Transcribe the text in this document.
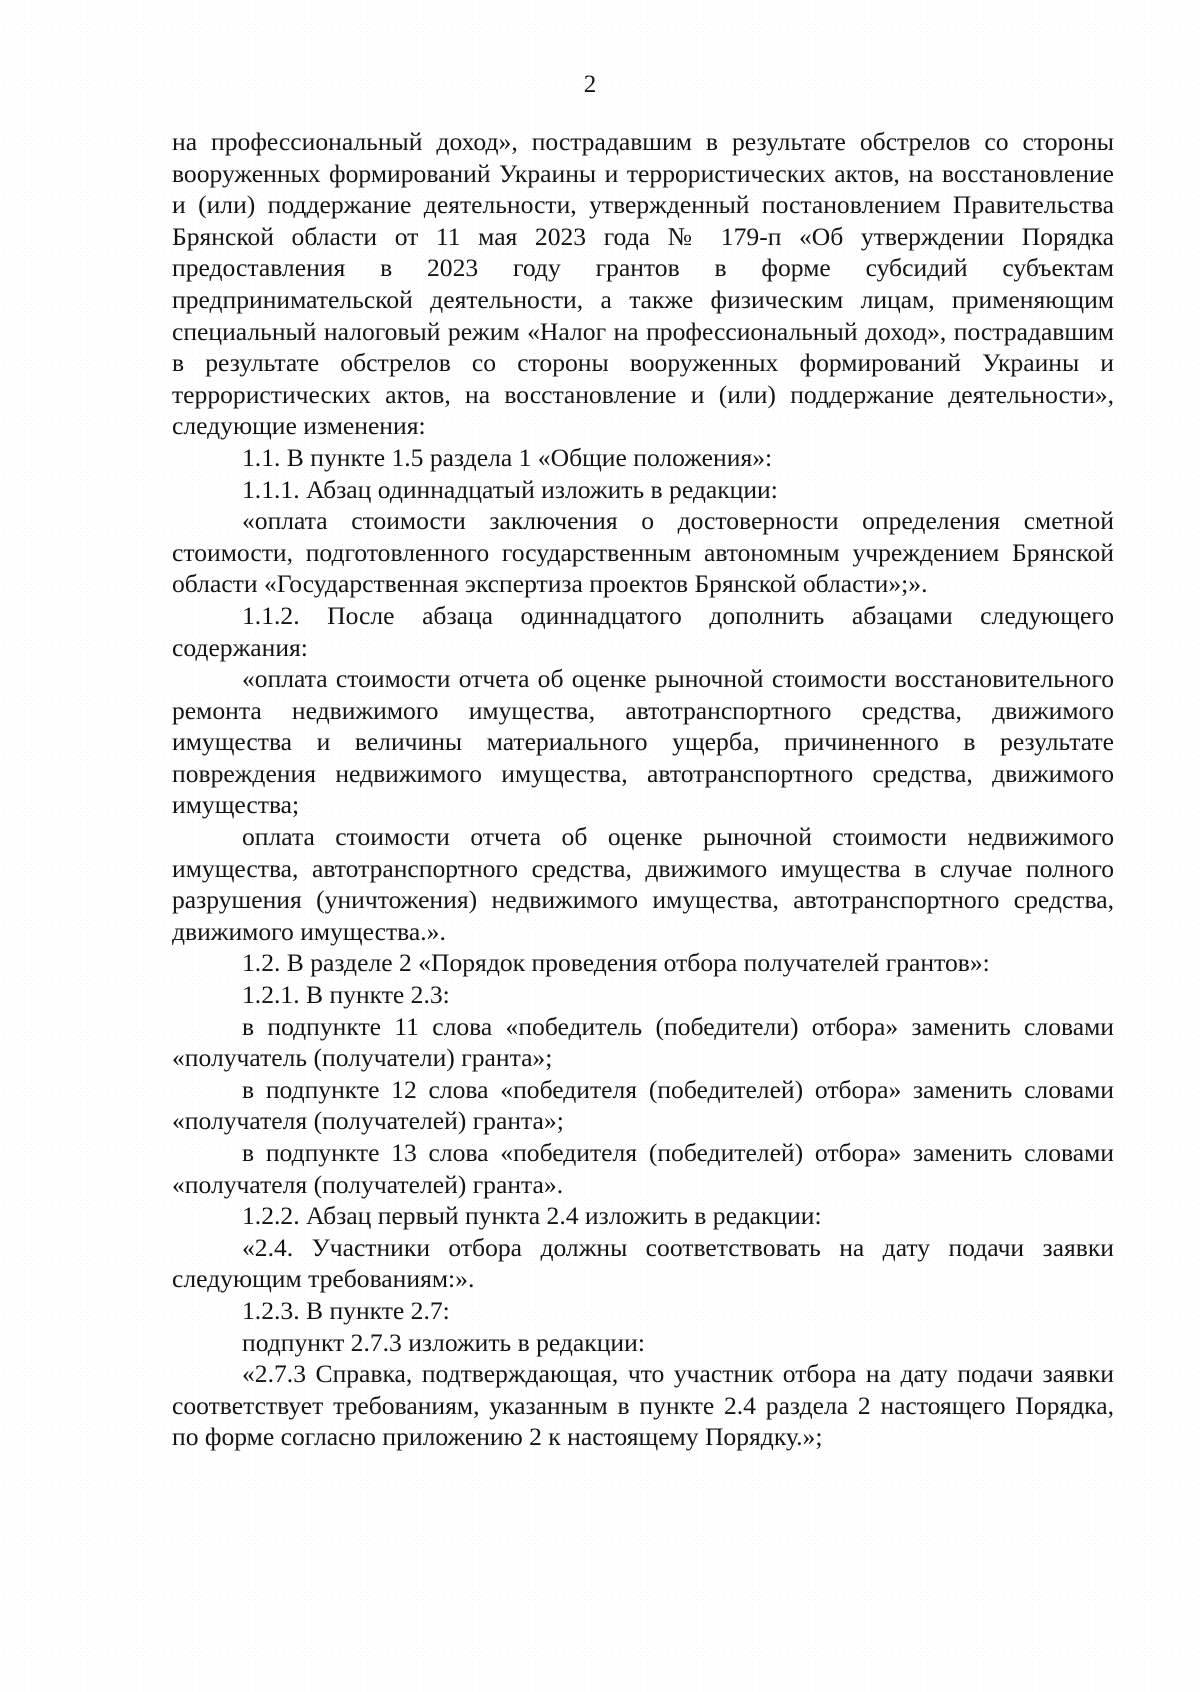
2

на профессиональный доход», пострадавшим в результате обстрелов со стороны вооруженных формирований Украины и террористических актов, на восстановление и (или) поддержание деятельности, утвержденный постановлением Правительства Брянской области от 11 мая 2023 года № 179-п «Об утверждении Порядка предоставления в 2023 году грантов в форме субсидий субъектам предпринимательской деятельности, а также физическим лицам, применяющим специальный налоговый режим «Налог на профессиональный доход», пострадавшим в результате обстрелов со стороны вооруженных формирований Украины и террористических актов, на восстановление и (или) поддержание деятельности», следующие изменения:

1.1. В пункте 1.5 раздела 1 «Общие положения»:

1.1.1. Абзац одиннадцатый изложить в редакции:

«оплата стоимости заключения о достоверности определения сметной стоимости, подготовленного государственным автономным учреждением Брянской области «Государственная экспертиза проектов Брянской области»;».

1.1.2. После абзаца одиннадцатого дополнить абзацами следующего содержания:

«оплата стоимости отчета об оценке рыночной стоимости восстановительного ремонта недвижимого имущества, автотранспортного средства, движимого имущества и величины материального ущерба, причиненного в результате повреждения недвижимого имущества, автотранспортного средства, движимого имущества;

оплата стоимости отчета об оценке рыночной стоимости недвижимого имущества, автотранспортного средства, движимого имущества в случае полного разрушения (уничтожения) недвижимого имущества, автотранспортного средства, движимого имущества.».

1.2. В разделе 2 «Порядок проведения отбора получателей грантов»:

1.2.1. В пункте 2.3:

в подпункте 11 слова «победитель (победители) отбора» заменить словами «получатель (получатели) гранта»;

в подпункте 12 слова «победителя (победителей) отбора» заменить словами «получателя (получателей) гранта»;

в подпункте 13 слова «победителя (победителей) отбора» заменить словами «получателя (получателей) гранта».

1.2.2. Абзац первый пункта 2.4 изложить в редакции:

«2.4. Участники отбора должны соответствовать на дату подачи заявки следующим требованиям:».

1.2.3. В пункте 2.7:

подпункт 2.7.3 изложить в редакции:

«2.7.3 Справка, подтверждающая, что участник отбора на дату подачи заявки соответствует требованиям, указанным в пункте 2.4 раздела 2 настоящего Порядка, по форме согласно приложению 2 к настоящему Порядку.»;
